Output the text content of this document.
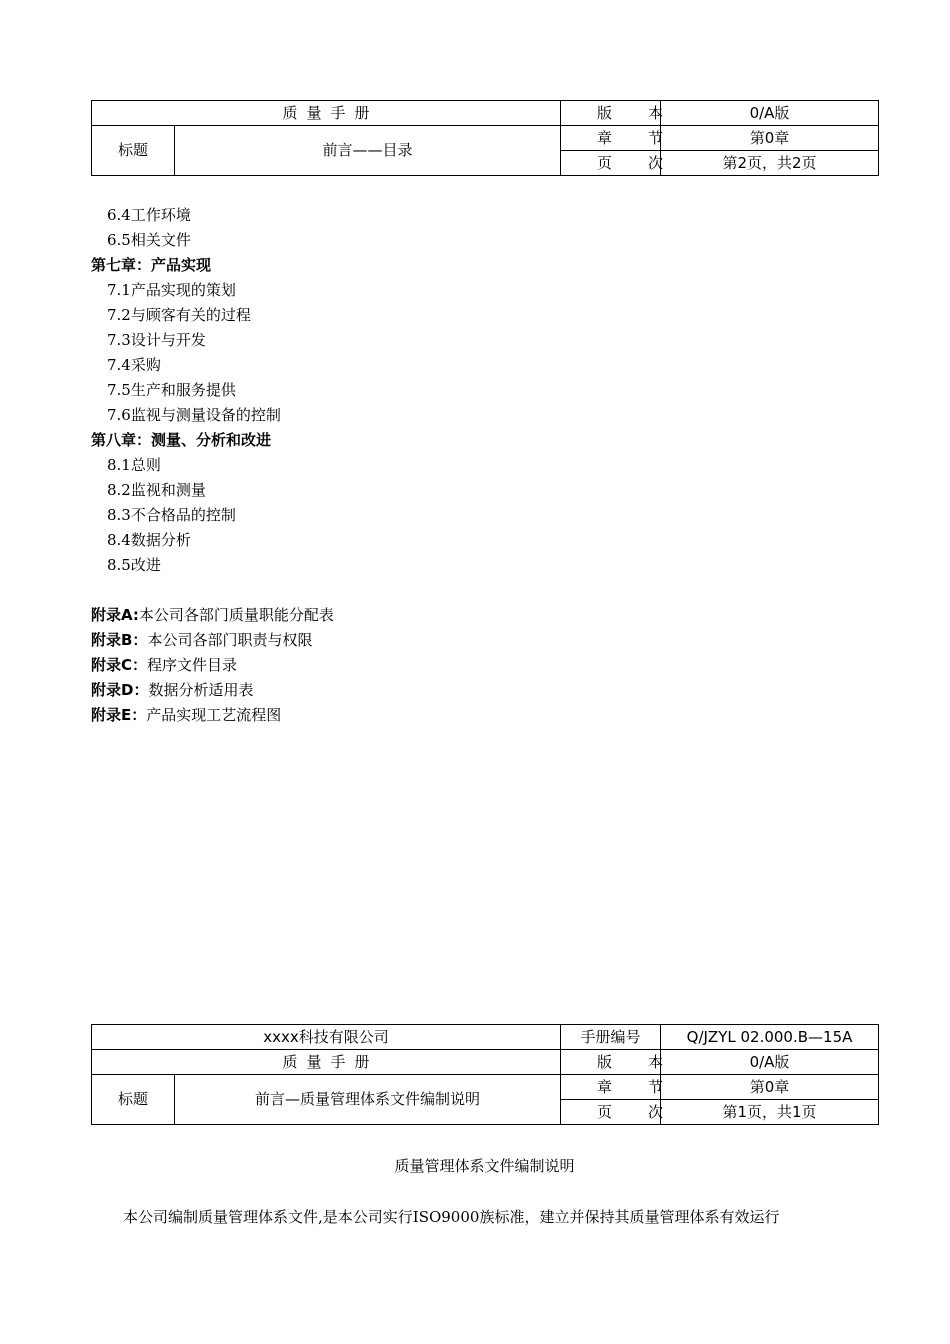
质量手册		版本	0/A版
标题	前言——目录	章节	第0章
		页次	第2页，共2页
6.4工作环境
6.5相关文件
第七章：产品实现
7.1产品实现的策划
7.2与顾客有关的过程
7.3设计与开发
7.4采购
7.5生产和服务提供
7.6监视与测量设备的控制
第八章：测量、分析和改进
8.1总则
8.2监视和测量
8.3不合格品的控制
8.4数据分析
8.5改进
附录A:本公司各部门质量职能分配表
附录B：本公司各部门职责与权限
附录C：程序文件目录
附录D：数据分析适用表
附录E：产品实现工艺流程图
xxxx科技有限公司		手册编号	Q/JZYL 02.000.B—15A
质量手册		版本	0/A版
标题	前言—质量管理体系文件编制说明	章节	第0章
		页次	第1页，共1页
质量管理体系文件编制说明
本公司编制质量管理体系文件,是本公司实行ISO9000族标准，建立并保持其质量管理体系有效运行
